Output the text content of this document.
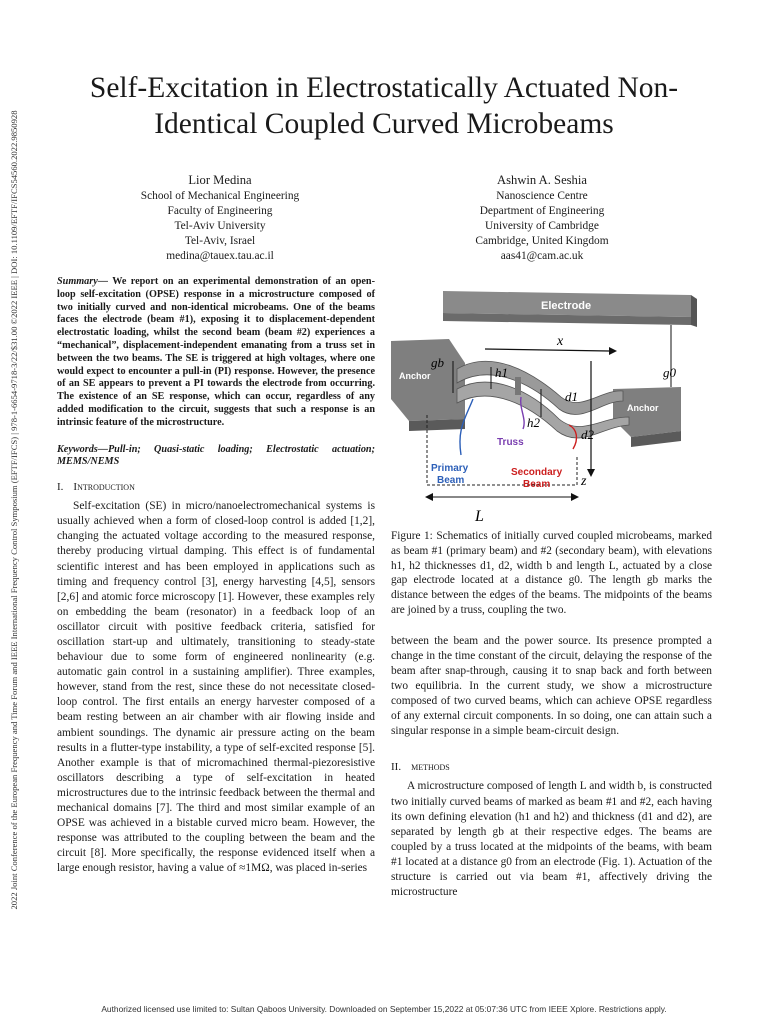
2022 Joint Conference of the European Frequency and Time Forum and IEEE International Frequency Control Symposium (EFTF/IFCS) | 978-1-6654-9718-3/22/$31.00 ©2022 IEEE | DOI: 10.1109/EFTF/IFCS54560.2022.9850928
Self-Excitation in Electrostatically Actuated Non-
Identical Coupled Curved Microbeams
Lior Medina
School of Mechanical Engineering
Faculty of Engineering
Tel-Aviv University
Tel-Aviv, Israel
medina@tauex.tau.ac.il
Ashwin A. Seshia
Nanoscience Centre
Department of Engineering
University of Cambridge
Cambridge, United Kingdom
aas41@cam.ac.uk

Summary— We report on an experimental demonstration of an open-loop self-excitation (OPSE) response in a microstructure composed of two initially curved and non-identical microbeams. One of the beams faces the electrode (beam #1), exposing it to displacement-dependent electrostatic loading, whilst the second beam (beam #2) experiences a “mechanical”, displacement-independent emanating from a truss set in between the two beams. The SE is triggered at high voltages, where one would expect to encounter a pull-in (PI) response. However, the presence of an SE appears to prevent a PI towards the electrode from occurring. The existence of an SE response, which can occur, regardless of any added modification to the circuit, suggests that such a response is an intrinsic feature of the microstructure.

Keywords—Pull-in; Quasi-static loading; Electrostatic actuation; MEMS/NEMS

I. Introduction

Self-excitation (SE) in micro/nanoelectromechanical systems is usually achieved when a form of closed-loop control is added [1,2], changing the actuated voltage according to the measured response, thereby producing virtual damping. This effect is of fundamental scientific interest and has been employed in applications such as timing and frequency control [3], energy harvesting [4,5], sensors [2,6] and atomic force microscopy [1]. However, these examples rely on embedding the beam (resonator) in a feedback loop of an oscillator circuit with positive feedback criteria, satisfied for oscillation start-up and ultimately, transitioning to steady-state behaviour due to some form of engineered nonlinearity (e.g. automatic gain control in a sustaining amplifier). Three examples, however, stand from the rest, since these do not necessitate closed-loop control. The first entails an energy harvester composed of a beam resting between an air chamber with air flowing inside and ambient soundings. The dynamic air pressure acting on the beam results in a flutter-type instability, a type of self-excited response [5]. Another example is that of micromachined thermal-piezoresistive oscillators describing a type of self-excitation in heated microstructures due to the intrinsic feedback between the thermal and mechanical domains [7]. The third and most similar example of an OPSE was achieved in a bistable curved micro beam. However, the response was attributed to the coupling between the beam and the circuit [8]. More specifically, the response evidenced itself when a large enough resistor, having a value of ≈1MΩ, was placed in-series

Electrode
Anchor
Anchor
x
z
L
gb
g0
h1
h2
d1
d2
Truss
Primary
Beam
Secondary
Beam

Figure 1: Schematics of initially curved coupled microbeams, marked as beam #1 (primary beam) and #2 (secondary beam), with elevations h1, h2 thicknesses d1, d2, width b and length L, actuated by a close gap electrode located at a distance g0. The length gb marks the distance between the edges of the beams. The midpoints of the beams are joined by a truss, coupling the two.

between the beam and the power source. Its presence prompted a change in the time constant of the circuit, delaying the response of the beam after snap-through, causing it to snap back and forth between two equilibria. In the current study, we show a microstructure composed of two curved beams, which can achieve OPSE regardless of any external circuit components. In so doing, one can attain such a singular response in a simple beam-circuit design.

II. methods

A microstructure composed of length L and width b, is constructed two initially curved beams of marked as beam #1 and #2, each having its own defining elevation (h1 and h2) and thickness (d1 and d2), are separated by length gb at their respective edges. The beams are coupled by a truss located at the midpoints of the beams, with beam #1 located at a distance g0 from an electrode (Fig. 1). Actuation of the structure is carried out via beam #1, affectively driving the microstructure

Authorized licensed use limited to: Sultan Qaboos University. Downloaded on September 15,2022 at 05:07:36 UTC from IEEE Xplore. Restrictions apply.
